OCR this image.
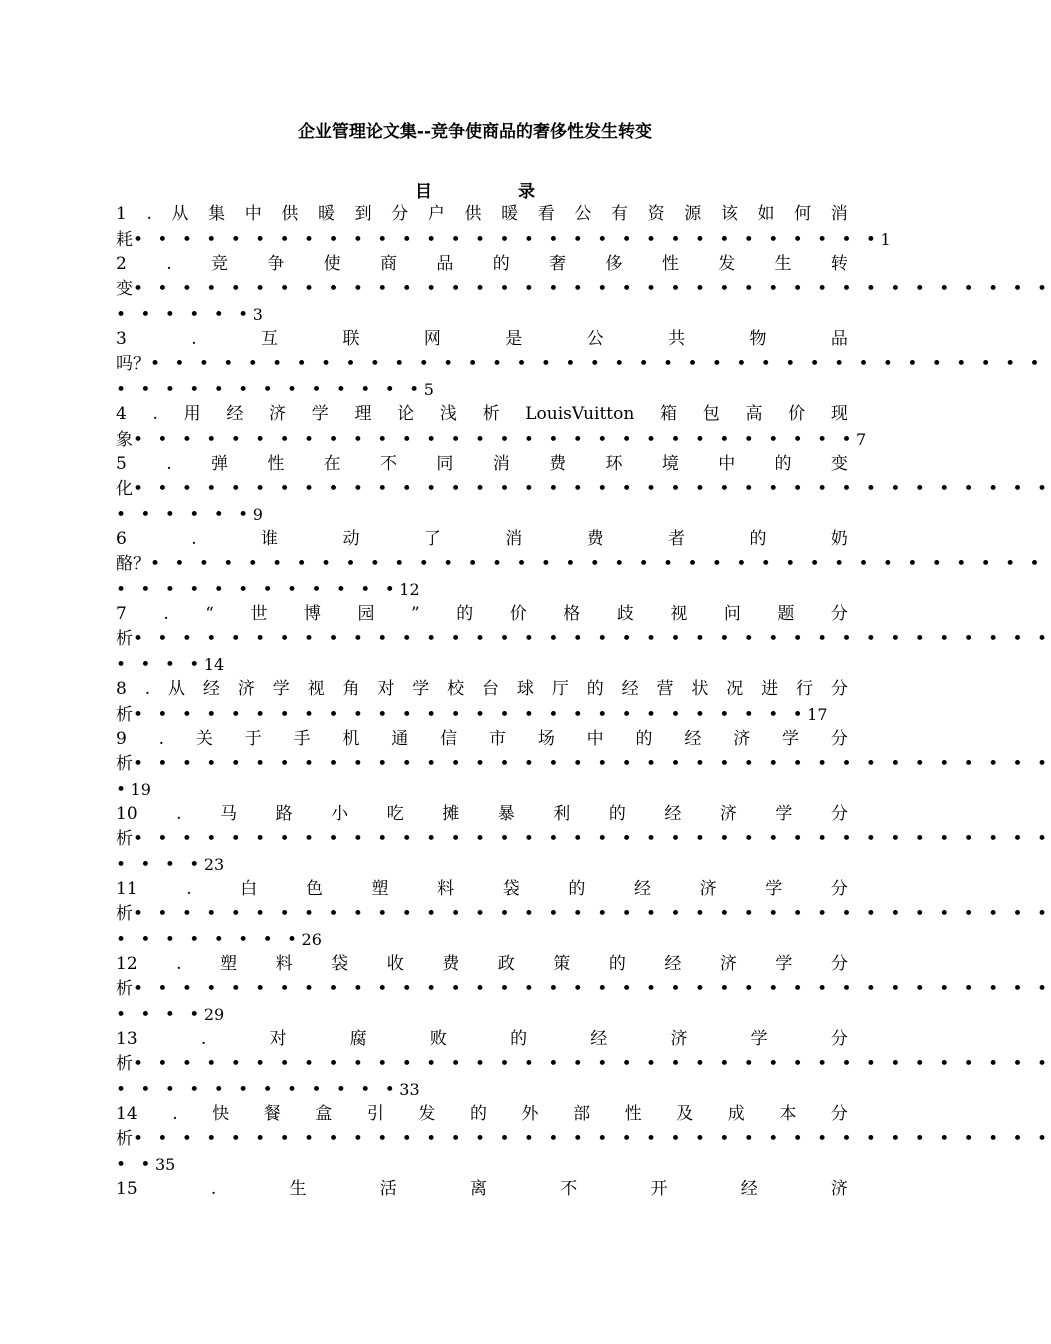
企业管理论文集--竞争使商品的奢侈性发生转变
目 录
1 . 从 集 中 供 暖 到 分 户 供 暖 看 公 有 资 源 该 如 何 消
耗• • • • • • • • • • • • • • • • • • • • • • • • • • • • • • •1
2 . 竞 争 使 商 品 的 奢 侈 性 发 生 转
变• • • • • • • • • • • • • • • • • • • • • • • • • • • • • • • • • • • • • •
• • • • • •3
3	.	互	联	网	是	公	共	物	品
吗？• • • • • • • • • • • • • • • • • • • • • • • • • • • • • • • • • • • • •
• • • • • • • • • • • • •5
4 . 用 经 济 学 理 论 浅 析 LouisVuitton 箱 包 高 价 现
象• • • • • • • • • • • • • • • • • • • • • • • • • • • • • •7
5 . 弹 性 在 不 同 消 费 环 境 中 的 变
化• • • • • • • • • • • • • • • • • • • • • • • • • • • • • • • • • • • • • •
• • • • • •9
6	.	谁	动	了	消	费	者	的	奶
酪？• • • • • • • • • • • • • • • • • • • • • • • • • • • • • • • • • • • • •
• • • • • • • • • • • •12
7 . “ 世 博 园 ” 的 价 格 歧 视 问 题 分
析• • • • • • • • • • • • • • • • • • • • • • • • • • • • • • • • • • • • • •
• • • •14
8 . 从 经 济 学 视 角 对 学 校 台 球 厅 的 经 营 状 况 进 行 分
析• • • • • • • • • • • • • • • • • • • • • • • • • • • •17
9 . 关 于 手 机 通 信 市 场 中 的 经 济 学 分
析• • • • • • • • • • • • • • • • • • • • • • • • • • • • • • • • • • • • • •
•19
10 . 马 路 小 吃 摊 暴 利 的 经 济 学 分
析• • • • • • • • • • • • • • • • • • • • • • • • • • • • • • • • • • • • • •
• • • •23
11	.	白	色	塑	料	袋	的	经	济	学	分
析• • • • • • • • • • • • • • • • • • • • • • • • • • • • • • • • • • • • • •
• • • • • • • •26
12 . 塑 料 袋 收 费 政 策 的 经 济 学 分
析• • • • • • • • • • • • • • • • • • • • • • • • • • • • • • • • • • • • • •
• • • •29
13	.	对	腐	败	的	经	济	学	分
析• • • • • • • • • • • • • • • • • • • • • • • • • • • • • • • • • • • • • •
• • • • • • • • • • • •33
14 . 快 餐 盒 引 发 的 外 部 性 及 成 本 分
析• • • • • • • • • • • • • • • • • • • • • • • • • • • • • • • • • • • • • •
• •35
15	.	生	活	离	不	开	经	济
